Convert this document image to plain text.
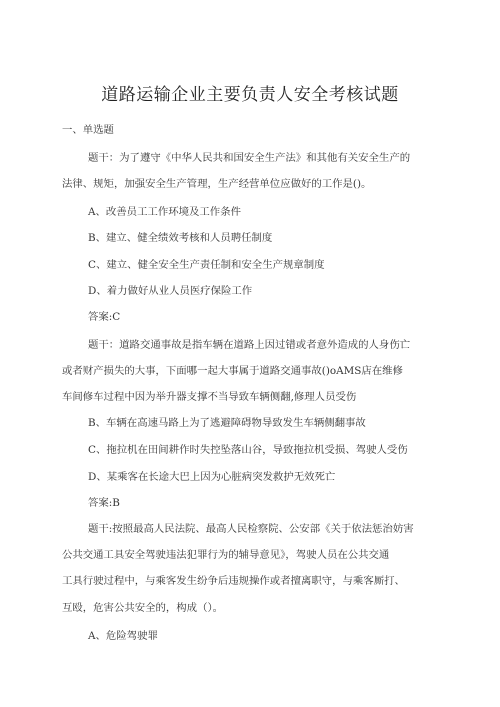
道路运输企业主要负责人安全考核试题
一、单选题
题干：为了遵守《中华人民共和国安全生产法》和其他有关安全生产的
法律、规矩，加强安全生产管理，生产经营单位应做好的工作是()。
A、改善员工工作环境及工作条件
B、建立、健全绩效考核和人员聘任制度
C、建立、健全安全生产责任制和安全生产规章制度
D、着力做好从业人员医疗保险工作
答案:C
题干：道路交通事故是指车辆在道路上因过错或者意外造成的人身伤亡
或者财产损失的大事，下面哪一起大事属于道路交通事故()oAMS店在维修
车间修车过程中因为举升器支撑不当导致车辆侧翻,修理人员受伤
B、车辆在高速马路上为了逃避障碍物导致发生车辆侧翻事故
C、拖拉机在田间耕作时失控坠落山谷，导致拖拉机受损、驾驶人受伤
D、某乘客在长途大巴上因为心脏病突发救护无效死亡
答案:B
题干:按照最高人民法院、最高人民检察院、公安部《关于依法惩治妨害
公共交通工具安全驾驶违法犯罪行为的辅导意见》，驾驶人员在公共交通
工具行驶过程中，与乘客发生纷争后违规操作或者擅离职守，与乘客厮打、
互殴，危害公共安全的，构成（）。
A、危险驾驶罪
